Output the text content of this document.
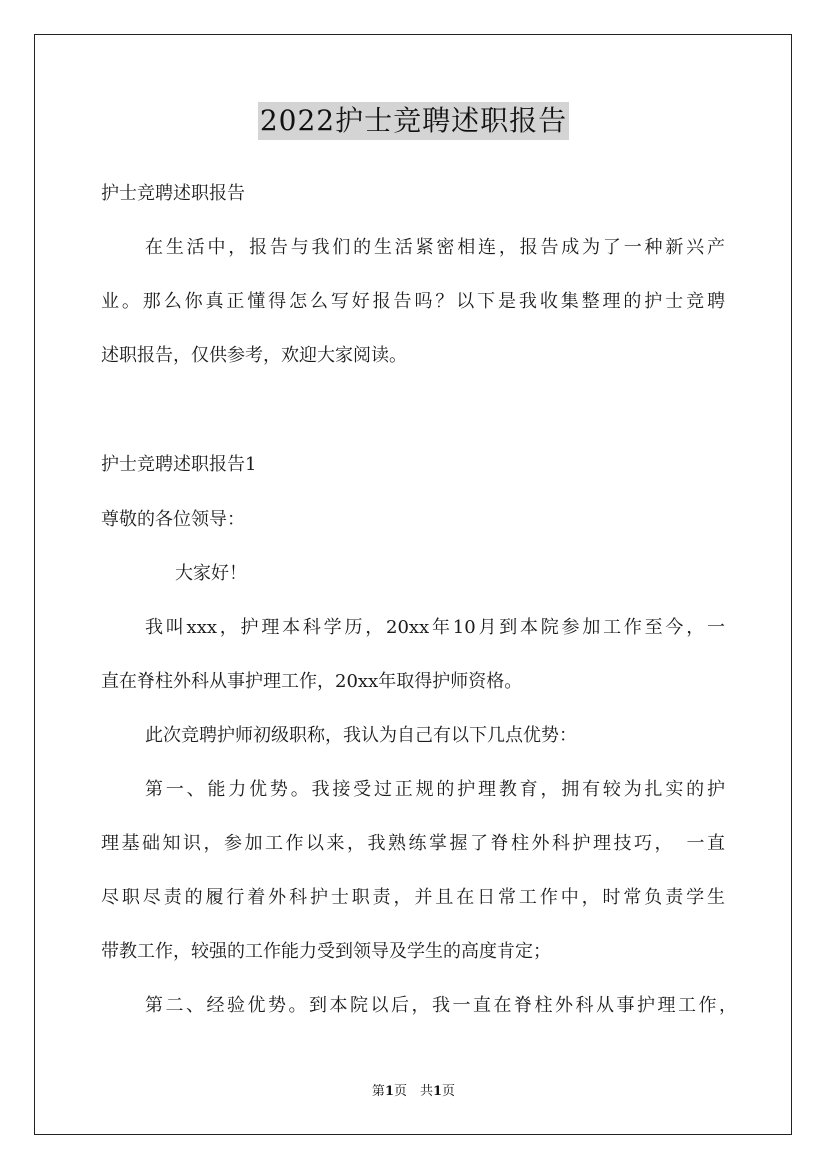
2022护士竞聘述职报告
护士竞聘述职报告
在生活中，报告与我们的生活紧密相连，报告成为了一种新兴产
业。那么你真正懂得怎么写好报告吗？以下是我收集整理的护士竞聘
述职报告，仅供参考，欢迎大家阅读。
护士竞聘述职报告1
尊敬的各位领导：
大家好！
我叫xxx，护理本科学历，20xx年10月到本院参加工作至今，一
直在脊柱外科从事护理工作，20xx年取得护师资格。
此次竞聘护师初级职称，我认为自己有以下几点优势：
第一、能力优势。我接受过正规的护理教育，拥有较为扎实的护
理基础知识，参加工作以来，我熟练掌握了脊柱外科护理技巧，　一直
尽职尽责的履行着外科护士职责，并且在日常工作中，时常负责学生
带教工作，较强的工作能力受到领导及学生的高度肯定；
第二、经验优势。到本院以后，我一直在脊柱外科从事护理工作，
第1页　共1页
